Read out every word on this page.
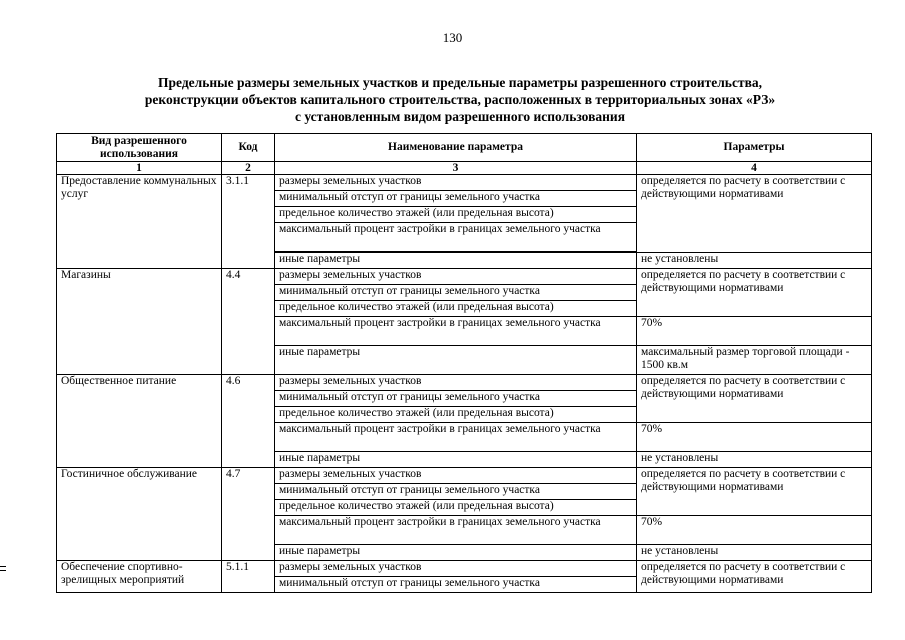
130
Предельные размеры земельных участков и предельные параметры разрешенного строительства,
реконструкции объектов капитального строительства, расположенных в территориальных зонах «РЗ»
с установленным видом разрешенного использования
Вид разрешенного использования	Код	Наименование параметра	Параметры
1	2	3	4
Предоставление коммунальных услуг	3.1.1	размеры земельных участков	определяется по расчету в соответствии с действующими нормативами
		минимальный отступ от границы земельного участка	
		предельное количество этажей (или предельная высота)	
		максимальный процент застройки в границах земельного участка	

		иные параметры	не установлены
Магазины	4.4	размеры земельных участков	определяется по расчету в соответствии с действующими нормативами
		минимальный отступ от границы земельного участка	
		предельное количество этажей (или предельная высота)	
		максимальный процент застройки в границах земельного участка	70%
		иные параметры	максимальный размер торговой площади - 1500 кв.м
Общественное питание	4.6	размеры земельных участков	определяется по расчету в соответствии с действующими нормативами
		минимальный отступ от границы земельного участка	
		предельное количество этажей (или предельная высота)	
		максимальный процент застройки в границах земельного участка	70%
		иные параметры	не установлены
Гостиничное обслуживание	4.7	размеры земельных участков	определяется по расчету в соответствии с действующими нормативами
		минимальный отступ от границы земельного участка	
		предельное количество этажей (или предельная высота)	
		максимальный процент застройки в границах земельного участка	70%
		иные параметры	не установлены
Обеспечение спортивно-зрелищных мероприятий	5.1.1	размеры земельных участков	определяется по расчету в соответствии с действующими нормативами
		минимальный отступ от границы земельного участка	
